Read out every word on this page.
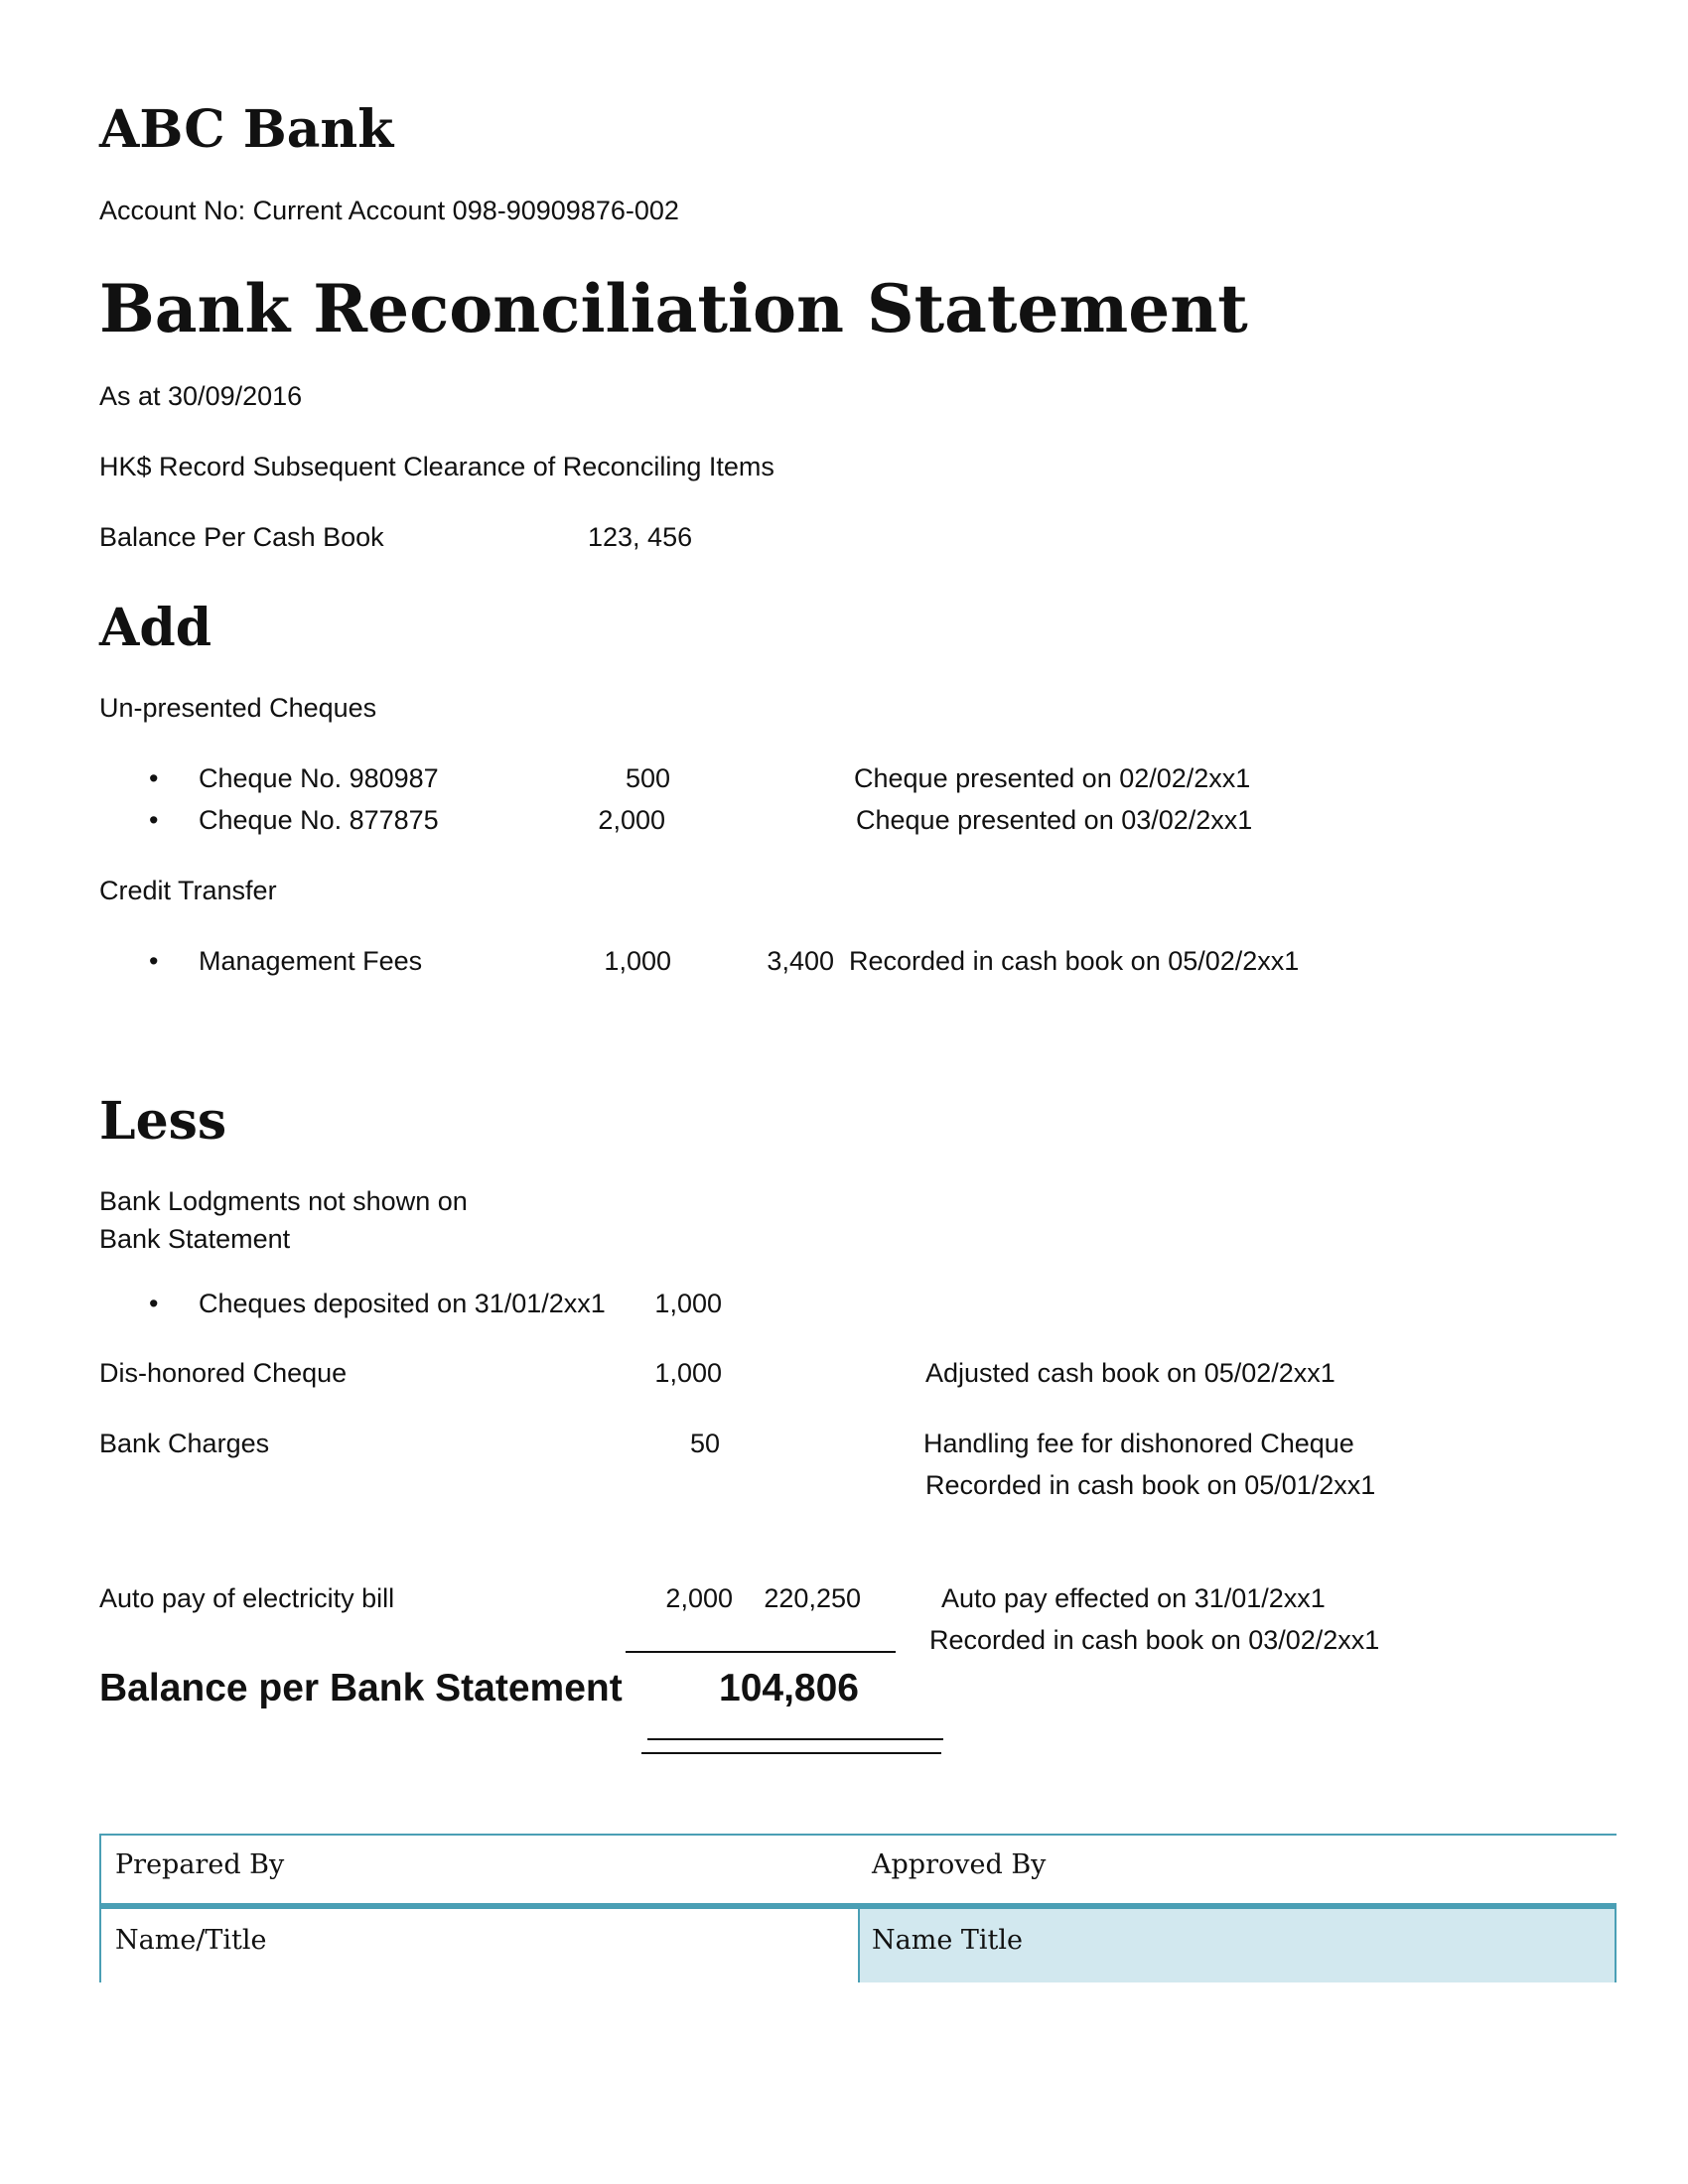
ABC Bank
Account No: Current Account 098-90909876-002
Bank Reconciliation Statement
As at 30/09/2016
HK$ Record Subsequent Clearance of Reconciling Items
Balance Per Cash Book	123, 456
Add
Un-presented Cheques
• Cheque No. 980987	500	Cheque presented on 02/02/2xx1
• Cheque No. 877875	2,000	Cheque presented on 03/02/2xx1
Credit Transfer
• Management Fees	1,000	3,400 Recorded in cash book on 05/02/2xx1
Less
Bank Lodgments not shown on
Bank Statement
• Cheques deposited on 31/01/2xx1	1,000
Dis-honored Cheque	1,000	Adjusted cash book on 05/02/2xx1
Bank Charges	50	Handling fee for dishonored Cheque
Recorded in cash book on 05/01/2xx1
Auto pay of electricity bill	2,000	220,250	Auto pay effected on 31/01/2xx1
Recorded in cash book on 03/02/2xx1
Balance per Bank Statement	104,806
Prepared By	Approved By
Name/Title	Name Title
